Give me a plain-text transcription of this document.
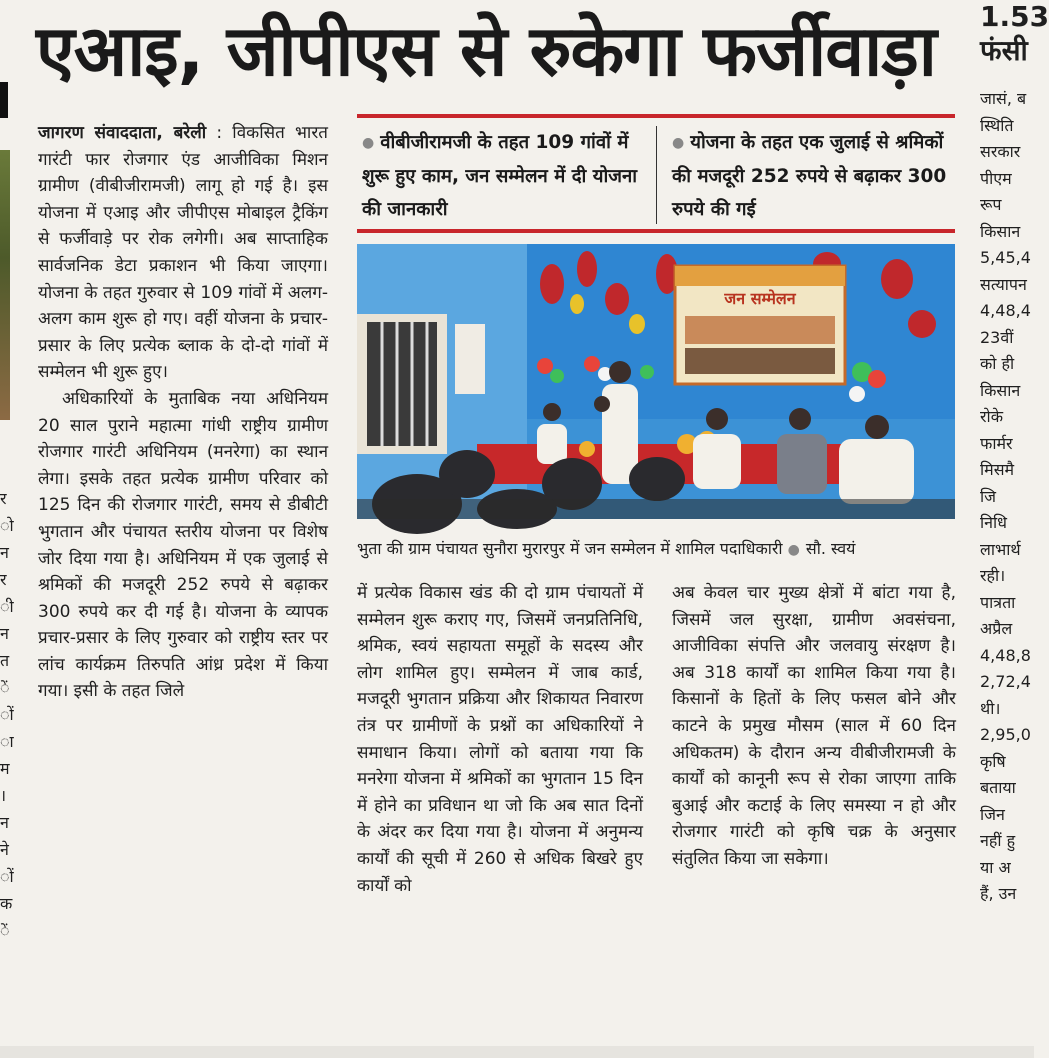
र
ो
न
र
ी
न
त
ें
ों
ा
म
।
न
ने
ों
क
ें
एआइ, जीपीएस से रुकेगा फर्जीवाड़ा

जागरण संवाददाता, बरेली : विकसित भारत गारंटी फार रोजगार एंड आजीविका मिशन ग्रामीण (वीबीजीरामजी) लागू हो गई है। इस योजना में एआइ और जीपीएस मोबाइल ट्रैकिंग से फर्जीवाड़े पर रोक लगेगी। अब साप्ताहिक सार्वजनिक डेटा प्रकाशन भी किया जाएगा। योजना के तहत गुरुवार से 109 गांवों में अलग-अलग काम शुरू हो गए। वहीं योजना के प्रचार-प्रसार के लिए प्रत्येक ब्लाक के दो-दो गांवों में सम्मेलन भी शुरू हुए।

अधिकारियों के मुताबिक नया अधिनियम 20 साल पुराने महात्मा गांधी राष्ट्रीय ग्रामीण रोजगार गारंटी अधिनियम (मनरेगा) का स्थान लेगा। इसके तहत प्रत्येक ग्रामीण परिवार को 125 दिन की रोजगार गारंटी, समय से डीबीटी भुगतान और पंचायत स्तरीय योजना पर विशेष जोर दिया गया है। अधिनियम में एक जुलाई से श्रमिकों की मजदूरी 252 रुपये से बढ़ाकर 300 रुपये कर दी गई है। योजना के व्यापक प्रचार-प्रसार के लिए गुरुवार को राष्ट्रीय स्तर पर लांच कार्यक्रम तिरुपति आंध्र प्रदेश में किया गया। इसी के तहत जिले

● वीबीजीरामजी के तहत 109 गांवों में शुरू हुए काम, जन सम्मेलन में दी योजना की जानकारी
● योजना के तहत एक जुलाई से श्रमिकों की मजदूरी 252 रुपये से बढ़ाकर 300 रुपये की गई
जन सम्मेलन
भुता की ग्राम पंचायत सुनौरा मुरारपुर में जन सम्मेलन में शामिल पदाधिकारी ● सौ. स्वयं

में प्रत्येक विकास खंड की दो ग्राम पंचायतों में सम्मेलन शुरू कराए गए, जिसमें जनप्रतिनिधि, श्रमिक, स्वयं सहायता समूहों के सदस्य और लोग शामिल हुए। सम्मेलन में जाब कार्ड, मजदूरी भुगतान प्रक्रिया और शिकायत निवारण तंत्र पर ग्रामीणों के प्रश्नों का अधिकारियों ने समाधान किया। लोगों को बताया गया कि मनरेगा योजना में श्रमिकों का भुगतान 15 दिन में होने का प्रविधान था जो कि अब सात दिनों के अंदर कर दिया गया है। योजना में अनुमन्य कार्यों की सूची में 260 से अधिक बिखरे हुए कार्यों को

अब केवल चार मुख्य क्षेत्रों में बांटा गया है, जिसमें जल सुरक्षा, ग्रामीण अवसंचना, आजीविका संपत्ति और जलवायु संरक्षण है। अब 318 कार्यों का शामिल किया गया है। किसानों के हितों के लिए फसल बोने और काटने के प्रमुख मौसम (साल में 60 दिन अधिकतम) के दौरान अन्य वीबीजीरामजी के कार्यों को कानूनी रूप से रोका जाएगा ताकि बुआई और कटाई के लिए समस्या न हो और रोजगार गारंटी को कृषि चक्र के अनुसार संतुलित किया जा सकेगा।

1.53
फंसी
जासं, ब
स्थिति
सरकार
पीएम
रूप
किसान
5,45,4
सत्यापन
4,48,4
23वीं
को ही
किसान
रोके
फार्मर
मिसमै
जि
निधि
लाभार्थ
रही।
पात्रता
अप्रैल
4,48,8
2,72,4
थी।
2,95,0
कृषि
बताया
जिन
नहीं हु
या अ
हैं, उन
